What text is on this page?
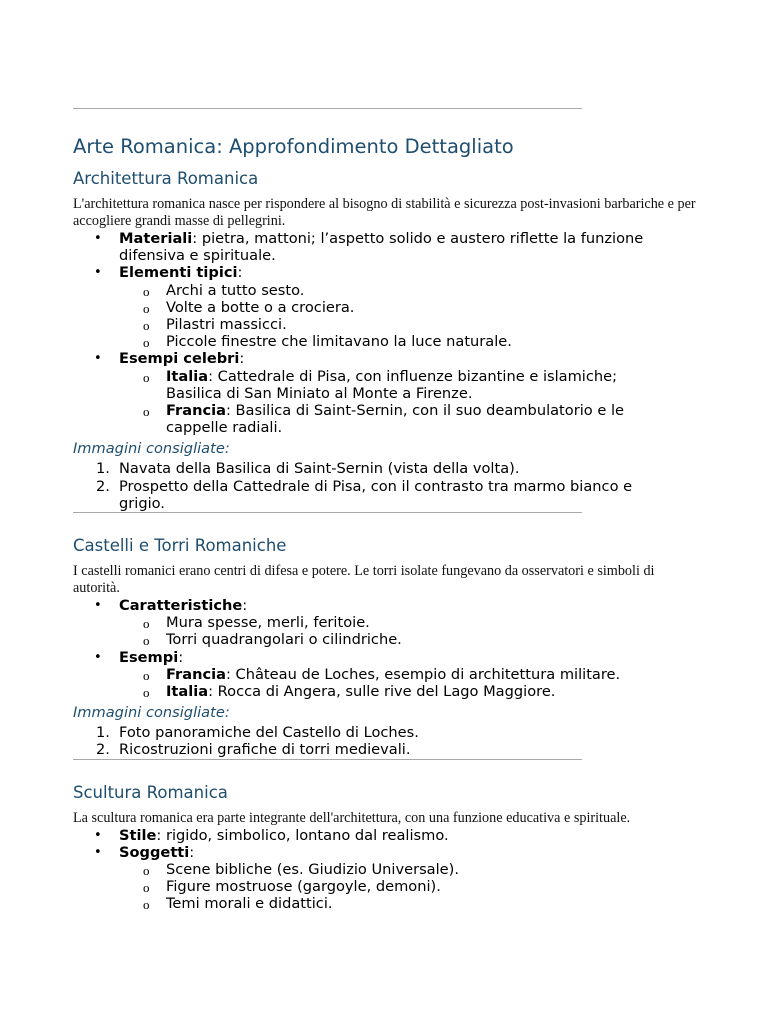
Arte Romanica: Approfondimento Dettagliato
Architettura Romanica

L'architettura romanica nasce per rispondere al bisogno di stabilità e sicurezza post-invasioni barbariche e per accogliere grandi masse di pellegrini.

• Materiali: pietra, mattoni; l’aspetto solido e austero riflette la funzione difensiva e spirituale.
• Elementi tipici:
o Archi a tutto sesto.
o Volte a botte o a crociera.
o Pilastri massicci.
o Piccole finestre che limitavano la luce naturale.
• Esempi celebri:
o Italia: Cattedrale di Pisa, con influenze bizantine e islamiche; Basilica di San Miniato al Monte a Firenze.
o Francia: Basilica di Saint-Sernin, con il suo deambulatorio e le cappelle radiali.

Immagini consigliate:

1. Navata della Basilica di Saint-Sernin (vista della volta).
2. Prospetto della Cattedrale di Pisa, con il contrasto tra marmo bianco e grigio.
Castelli e Torri Romaniche

I castelli romanici erano centri di difesa e potere. Le torri isolate fungevano da osservatori e simboli di autorità.

• Caratteristiche:
o Mura spesse, merli, feritoie.
o Torri quadrangolari o cilindriche.
• Esempi:
o Francia: Château de Loches, esempio di architettura militare.
o Italia: Rocca di Angera, sulle rive del Lago Maggiore.

Immagini consigliate:

1. Foto panoramiche del Castello di Loches.
2. Ricostruzioni grafiche di torri medievali.
Scultura Romanica

La scultura romanica era parte integrante dell'architettura, con una funzione educativa e spirituale.

• Stile: rigido, simbolico, lontano dal realismo.
• Soggetti:
o Scene bibliche (es. Giudizio Universale).
o Figure mostruose (gargoyle, demoni).
o Temi morali e didattici.
